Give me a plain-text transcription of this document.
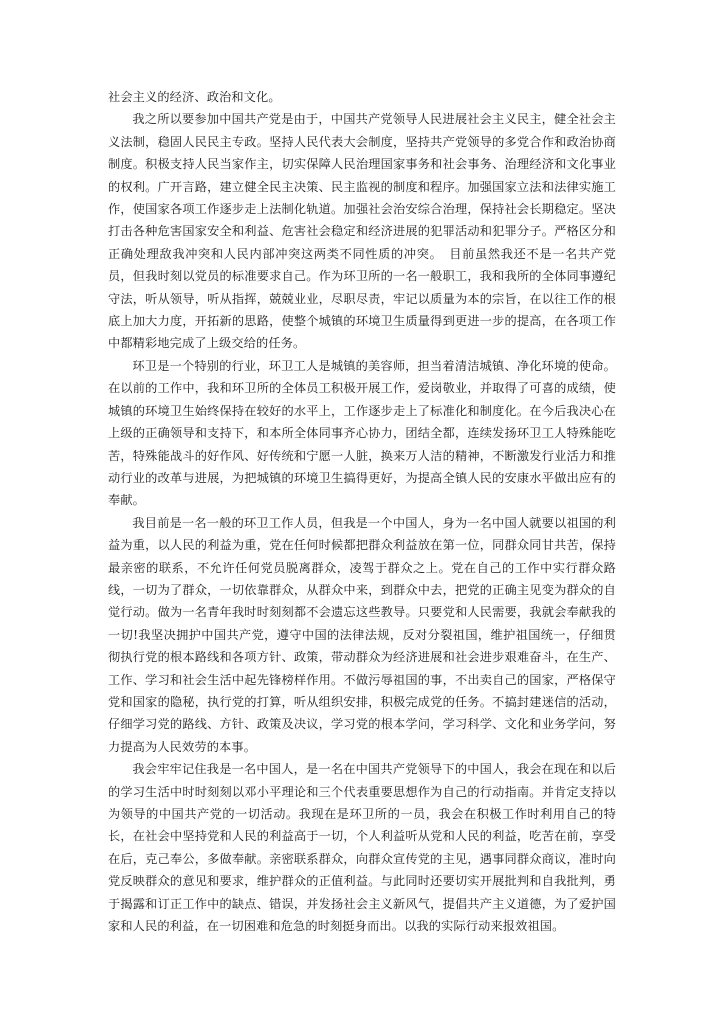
社会主义的经济、政治和文化。

我之所以要参加中国共产党是由于，中国共产党领导人民进展社会主义民主，健全社会主义法制，稳固人民民主专政。坚持人民代表大会制度，坚持共产党领导的多党合作和政治协商制度。积极支持人民当家作主，切实保障人民治理国家事务和社会事务、治理经济和文化事业的权利。广开言路，建立健全民主决策、民主监视的制度和程序。加强国家立法和法律实施工作，使国家各项工作逐步走上法制化轨道。加强社会治安综合治理，保持社会长期稳定。坚决打击各种危害国家安全和利益、危害社会稳定和经济进展的犯罪活动和犯罪分子。严格区分和正确处理敌我冲突和人民内部冲突这两类不同性质的冲突。　目前虽然我还不是一名共产党员，但我时刻以党员的标准要求自己。作为环卫所的一名一般职工，我和我所的全体同事遵纪守法，听从领导，听从指挥，兢兢业业，尽职尽责，牢记以质量为本的宗旨，在以往工作的根底上加大力度，开拓新的思路，使整个城镇的环境卫生质量得到更进一步的提高，在各项工作中都精彩地完成了上级交给的任务。

环卫是一个特别的行业，环卫工人是城镇的美容师，担当着清洁城镇、净化环境的使命。在以前的工作中，我和环卫所的全体员工积极开展工作，爱岗敬业，并取得了可喜的成绩，使城镇的环境卫生始终保持在较好的水平上，工作逐步走上了标准化和制度化。在今后我决心在上级的正确领导和支持下，和本所全体同事齐心协力，团结全都，连续发扬环卫工人特殊能吃苦，特殊能战斗的好作风、好传统和宁愿一人脏，换来万人洁的精神，不断激发行业活力和推动行业的改革与进展，为把城镇的环境卫生搞得更好，为提高全镇人民的安康水平做出应有的奉献。

我目前是一名一般的环卫工作人员，但我是一个中国人，身为一名中国人就要以祖国的利益为重，以人民的利益为重，党在任何时候都把群众利益放在第一位，同群众同甘共苦，保持最亲密的联系，不允许任何党员脱离群众，凌驾于群众之上。党在自己的工作中实行群众路线，一切为了群众，一切依靠群众，从群众中来，到群众中去，把党的正确主见变为群众的自觉行动。做为一名青年我时时刻刻都不会遗忘这些教导。只要党和人民需要，我就会奉献我的一切!我坚决拥护中国共产党，遵守中国的法律法规，反对分裂祖国，维护祖国统一，仔细贯彻执行党的根本路线和各项方针、政策，带动群众为经济进展和社会进步艰难奋斗，在生产、工作、学习和社会生活中起先锋榜样作用。不做污辱祖国的事，不出卖自己的国家，严格保守党和国家的隐秘，执行党的打算，听从组织安排，积极完成党的任务。不搞封建迷信的活动，仔细学习党的路线、方针、政策及决议，学习党的根本学问，学习科学、文化和业务学问，努力提高为人民效劳的本事。

我会牢牢记住我是一名中国人，是一名在中国共产党领导下的中国人，我会在现在和以后的学习生活中时时刻刻以邓小平理论和三个代表重要思想作为自己的行动指南。并肯定支持以为领导的中国共产党的一切活动。我现在是环卫所的一员，我会在积极工作时利用自己的特长，在社会中坚持党和人民的利益高于一切，个人利益听从党和人民的利益，吃苦在前，享受在后，克己奉公，多做奉献。亲密联系群众，向群众宣传党的主见，遇事同群众商议，准时向党反映群众的意见和要求，维护群众的正值利益。与此同时还要切实开展批判和自我批判，勇于揭露和订正工作中的缺点、错误，并发扬社会主义新风气，提倡共产主义道德，为了爱护国家和人民的利益，在一切困难和危急的时刻挺身而出。以我的实际行动来报效祖国。
